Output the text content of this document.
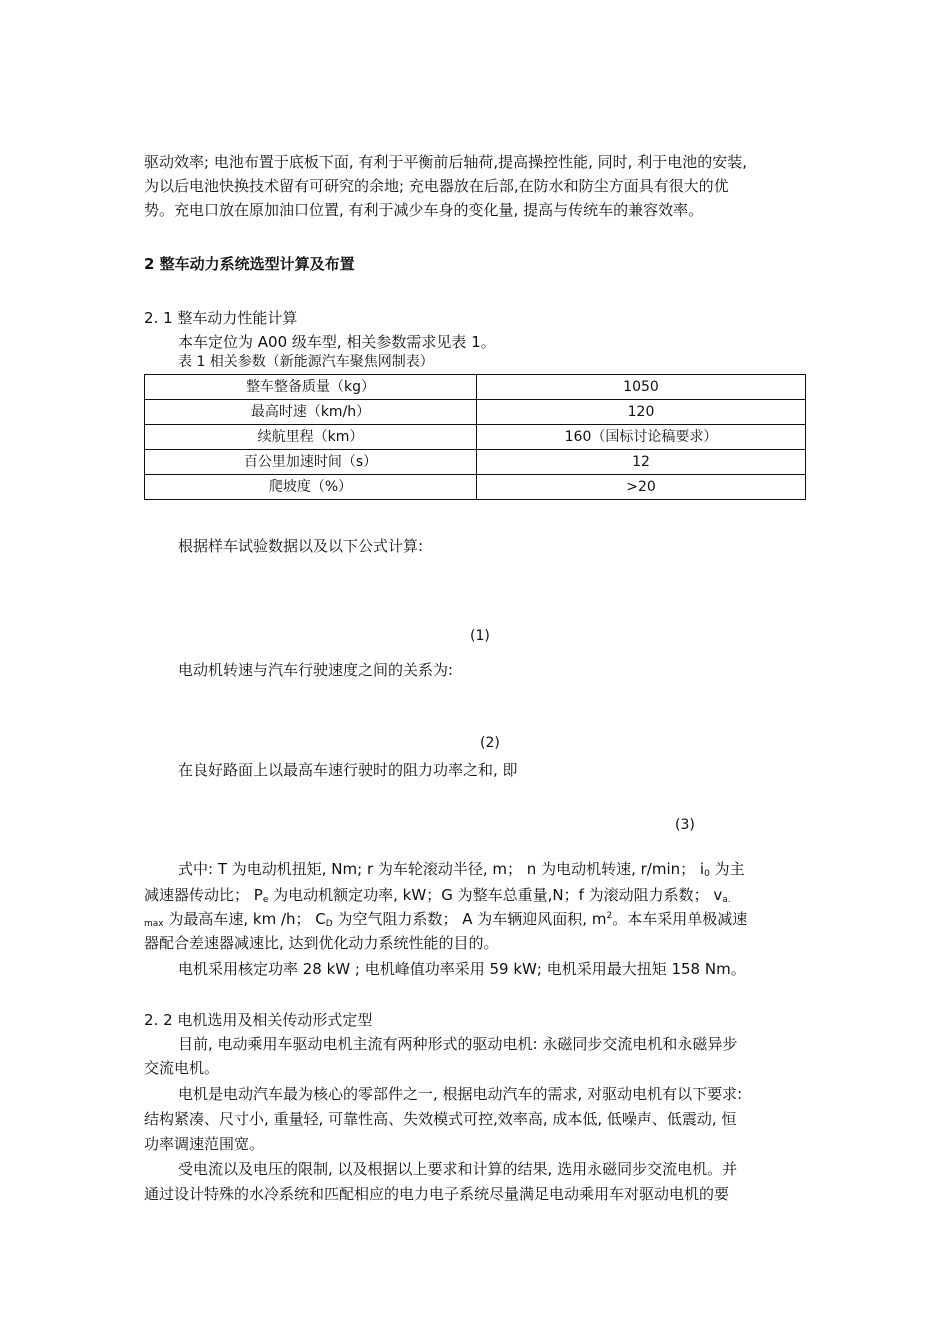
驱动效率; 电池布置于底板下面, 有利于平衡前后轴荷,提高操控性能, 同时, 利于电池的安装,
为以后电池快换技术留有可研究的余地; 充电器放在后部,在防水和防尘方面具有很大的优
势。充电口放在原加油口位置, 有利于减少车身的变化量, 提高与传统车的兼容效率。
2 整车动力系统选型计算及布置
2. 1 整车动力性能计算
本车定位为 A00 级车型, 相关参数需求见表 1。
表 1 相关参数（新能源汽车聚焦网制表）
整车整备质量（kg）	1050
最高时速（km/h）	120
续航里程（km）	160（国标讨论稿要求）
百公里加速时间（s）	12
爬坡度（%）	>20
根据样车试验数据以及以下公式计算:
(1)
电动机转速与汽车行驶速度之间的关系为:
(2)
在良好路面上以最高车速行驶时的阻力功率之和, 即
(3)
式中: T 为电动机扭矩, Nm; r 为车轮滚动半径, m； n 为电动机转速, r/min； $i_0$ 为主
减速器传动比； $P_e$ 为电动机额定功率, kW；G 为整车总重量,N；f 为滚动阻力系数； $v_{a.}$
$_{max}$ 为最高车速, km /h； $C_D$ 为空气阻力系数； A 为车辆迎风面积, $m^2$。本车采用单极减速
器配合差速器减速比, 达到优化动力系统性能的目的。
电机采用核定功率 28 kW ; 电机峰值功率采用 59 kW; 电机采用最大扭矩 158 Nm。
2. 2 电机选用及相关传动形式定型
目前, 电动乘用车驱动电机主流有两种形式的驱动电机: 永磁同步交流电机和永磁异步
交流电机。
电机是电动汽车最为核心的零部件之一, 根据电动汽车的需求, 对驱动电机有以下要求:
结构紧凑、尺寸小, 重量轻, 可靠性高、失效模式可控,效率高, 成本低, 低噪声、低震动, 恒
功率调速范围宽。
受电流以及电压的限制, 以及根据以上要求和计算的结果, 选用永磁同步交流电机。并
通过设计特殊的水冷系统和匹配相应的电力电子系统尽量满足电动乘用车对驱动电机的要
